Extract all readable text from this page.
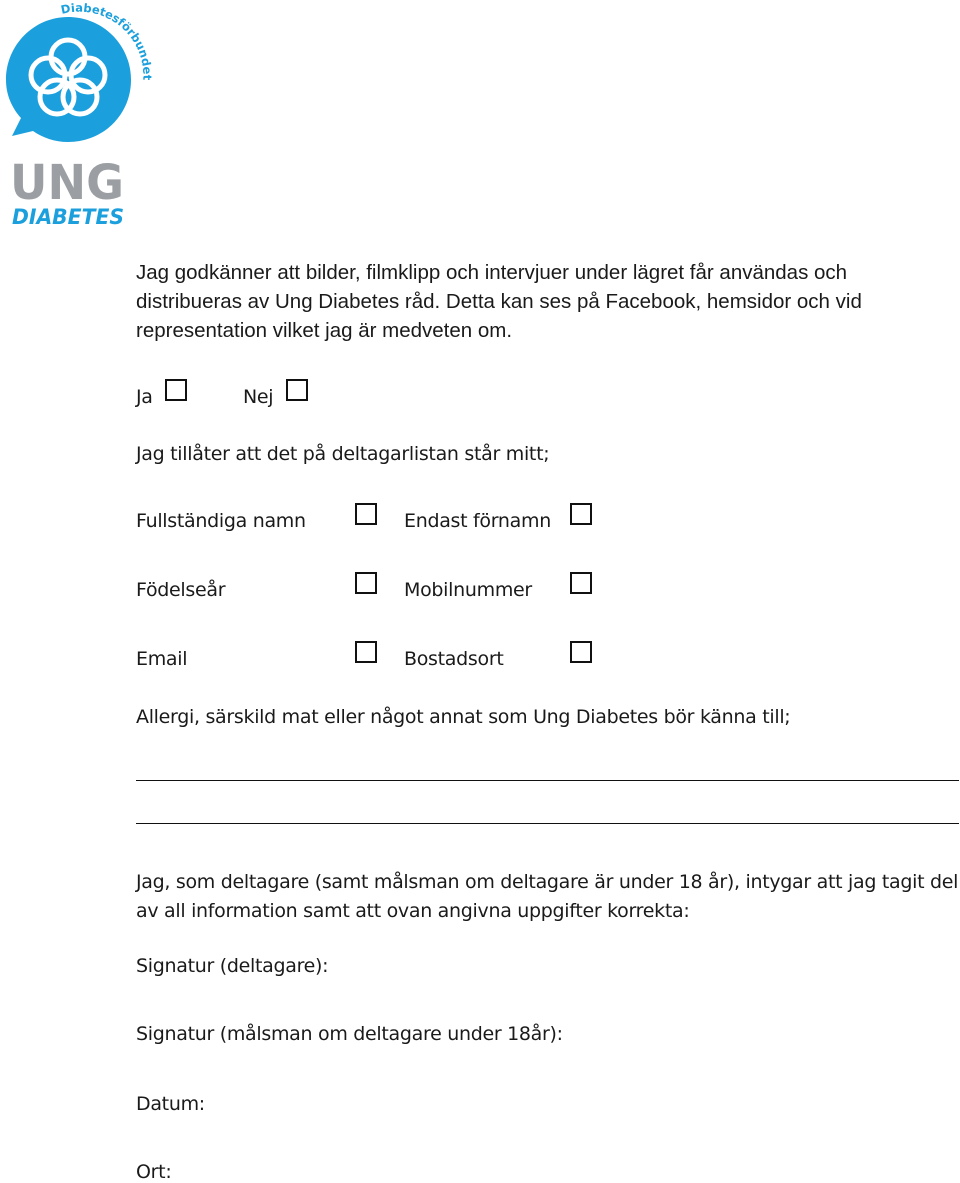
Diabetesförbundet
UNG
DIABETES

Jag godkänner att bilder, filmklipp och intervjuer under lägret får användas och

distribueras av Ung Diabetes råd. Detta kan ses på Facebook, hemsidor och vid

representation vilket jag är medveten om.

Ja	Nej
Jag tillåter att det på deltagarlistan står mitt;
Fullständiga namn	Endast förnamn
Födelseår	Mobilnummer
Email	Bostadsort
Allergi, särskild mat eller något annat som Ung Diabetes bör känna till;
Jag, som deltagare (samt målsman om deltagare är under 18 år), intygar att jag tagit del
av all information samt att ovan angivna uppgifter korrekta:
Signatur (deltagare):
Signatur (målsman om deltagare under 18år):
Datum:
Ort:
